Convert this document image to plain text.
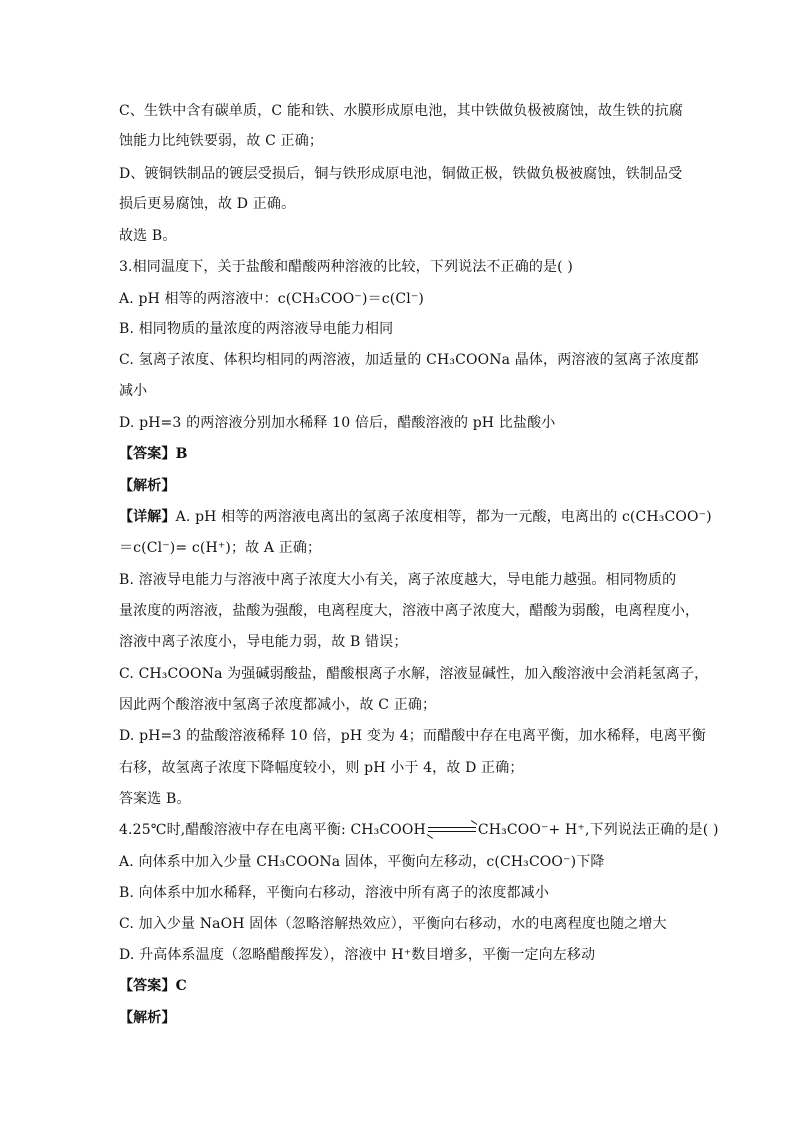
C、生铁中含有碳单质，C 能和铁、水膜形成原电池，其中铁做负极被腐蚀，故生铁的抗腐
蚀能力比纯铁要弱，故 C 正确；
D、镀铜铁制品的镀层受损后，铜与铁形成原电池，铜做正极，铁做负极被腐蚀，铁制品受
损后更易腐蚀，故 D 正确。
故选 B。
3.相同温度下，关于盐酸和醋酸两种溶液的比较，下列说法不正确的是( )
A. pH 相等的两溶液中：c(CH₃COO⁻)＝c(Cl⁻)
B. 相同物质的量浓度的两溶液导电能力相同
C. 氢离子浓度、体积均相同的两溶液，加适量的 CH₃COONa 晶体，两溶液的氢离子浓度都
减小
D. pH=3 的两溶液分别加水稀释 10 倍后，醋酸溶液的 pH 比盐酸小
【答案】B
【解析】
【详解】A. pH 相等的两溶液电离出的氢离子浓度相等，都为一元酸，电离出的 c(CH₃COO⁻)
＝c(Cl⁻)= c(H⁺)；故 A 正确；
B. 溶液导电能力与溶液中离子浓度大小有关，离子浓度越大，导电能力越强。相同物质的
量浓度的两溶液，盐酸为强酸，电离程度大，溶液中离子浓度大，醋酸为弱酸，电离程度小，
溶液中离子浓度小，导电能力弱，故 B 错误；
C. CH₃COONa 为强碱弱酸盐，醋酸根离子水解，溶液显碱性，加入酸溶液中会消耗氢离子，
因此两个酸溶液中氢离子浓度都减小，故 C 正确；
D. pH=3 的盐酸溶液稀释 10 倍，pH 变为 4；而醋酸中存在电离平衡，加水稀释，电离平衡
右移，故氢离子浓度下降幅度较小，则 pH 小于 4，故 D 正确；
答案选 B。
4.25℃时,醋酸溶液中存在电离平衡: CH₃COOH	CH₃COO⁻+ H⁺,下列说法正确的是( )
A. 向体系中加入少量 CH₃COONa 固体，平衡向左移动，c(CH₃COO⁻)下降
B. 向体系中加水稀释，平衡向右移动，溶液中所有离子的浓度都减小
C. 加入少量 NaOH 固体（忽略溶解热效应），平衡向右移动，水的电离程度也随之增大
D. 升高体系温度（忽略醋酸挥发），溶液中 H⁺数目增多，平衡一定向左移动
【答案】C
【解析】
